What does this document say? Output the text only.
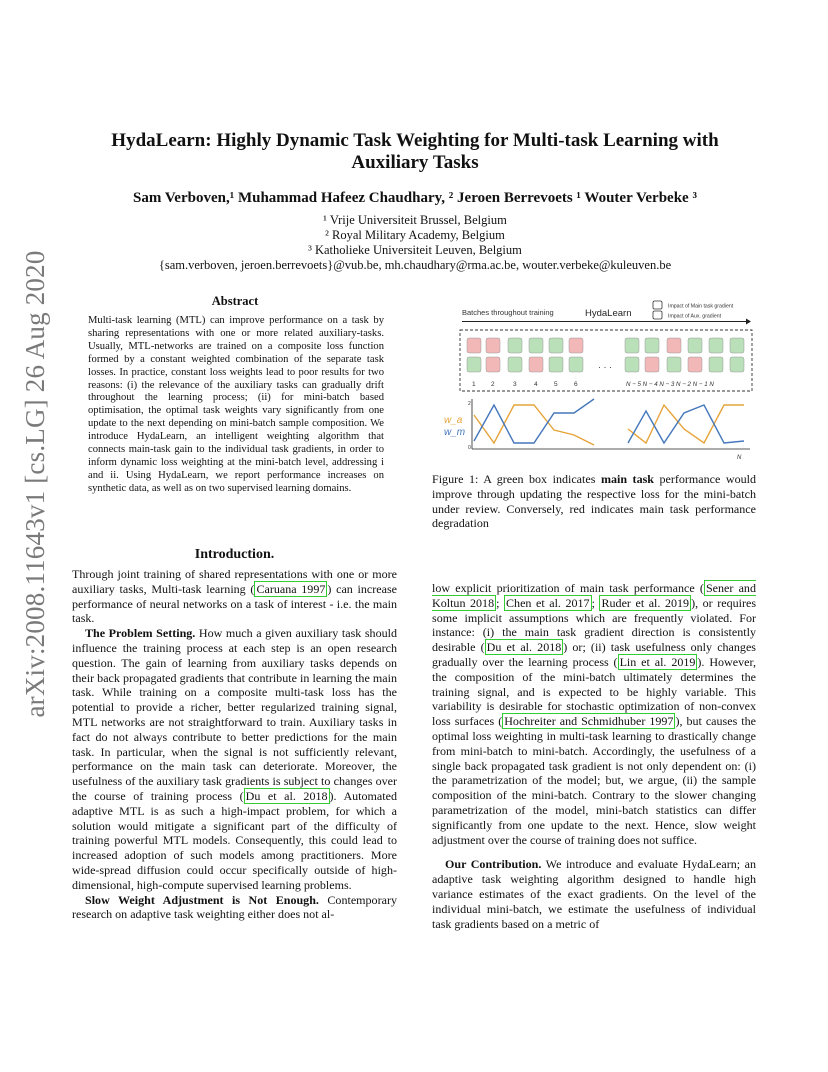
arXiv:2008.11643v1 [cs.LG] 26 Aug 2020
HydaLearn: Highly Dynamic Task Weighting for Multi-task Learning with
Auxiliary Tasks
Sam Verboven,¹ Muhammad Hafeez Chaudhary, ² Jeroen Berrevoets ¹ Wouter Verbeke ³
¹ Vrije Universiteit Brussel, Belgium
² Royal Military Academy, Belgium
³ Katholieke Universiteit Leuven, Belgium
{sam.verboven, jeroen.berrevoets}@vub.be, mh.chaudhary@rma.ac.be, wouter.verbeke@kuleuven.be
Abstract
Multi-task learning (MTL) can improve performance on a task by sharing representations with one or more related auxiliary-tasks. Usually, MTL-networks are trained on a composite loss function formed by a constant weighted combination of the separate task losses. In practice, constant loss weights lead to poor results for two reasons: (i) the relevance of the auxiliary tasks can gradually drift throughout the learning process; (ii) for mini-batch based optimisation, the optimal task weights vary significantly from one update to the next depending on mini-batch sample composition. We introduce HydaLearn, an intelligent weighting algorithm that connects main-task gain to the individual task gradients, in order to inform dynamic loss weighting at the mini-batch level, addressing i and ii. Using HydaLearn, we report performance increases on synthetic data, as well as on two supervised learning domains.
Batches throughout training	HydaLearn
Impact of Main task gradient
Impact of Aux. gradient
· · ·
1 2	3	4	5	6	N − 5 N − 4 N − 3 N − 2 N − 1 N
2
0
N
w_a
w_m
Figure 1: A green box indicates main task performance would improve through updating the respective loss for the mini-batch under review. Conversely, red indicates main task performance degradation
Introduction.

Through joint training of shared representations with one or more auxiliary tasks, Multi-task learning ( Caruana 1997 ) can increase performance of neural networks on a task of interest - i.e. the main task.

The Problem Setting. How much a given auxiliary task should influence the training process at each step is an open research question. The gain of learning from auxiliary tasks depends on their back propagated gradients that contribute in learning the main task. While training on a composite multi-task loss has the potential to provide a richer, better regularized training signal, MTL networks are not straightforward to train. Auxiliary tasks in fact do not always contribute to better predictions for the main task. In particular, when the signal is not sufficiently relevant, performance on the main task can deteriorate. Moreover, the usefulness of the auxiliary task gradients is subject to changes over the course of training process ( Du et al. 2018 ). Automated adaptive MTL is as such a high-impact problem, for which a solution would mitigate a significant part of the difficulty of training powerful MTL models. Consequently, this could lead to increased adoption of such models among practitioners. More wide-spread diffusion could occur specifically outside of high-dimensional, high-compute supervised learning problems.

Slow Weight Adjustment is Not Enough. Contemporary research on adaptive task weighting either does not al-

low explicit prioritization of main task performance ( Sener and Koltun 2018 ; Chen et al. 2017 ; Ruder et al. 2019 ), or requires some implicit assumptions which are frequently violated. For instance: (i) the main task gradient direction is consistently desirable ( Du et al. 2018 ) or; (ii) task usefulness only changes gradually over the learning process ( Lin et al. 2019 ). However, the composition of the mini-batch ultimately determines the training signal, and is expected to be highly variable. This variability is desirable for stochastic optimization of non-convex loss surfaces ( Hochreiter and Schmidhuber 1997 ), but causes the optimal loss weighting in multi-task learning to drastically change from mini-batch to mini-batch. Accordingly, the usefulness of a single back propagated task gradient is not only dependent on: (i) the parametrization of the model; but, we argue, (ii) the sample composition of the mini-batch. Contrary to the slower changing parametrization of the model, mini-batch statistics can differ significantly from one update to the next. Hence, slow weight adjustment over the course of training does not suffice.

Our Contribution. We introduce and evaluate HydaLearn; an adaptive task weighting algorithm designed to handle high variance estimates of the exact gradients. On the level of the individual mini-batch, we estimate the usefulness of individual task gradients based on a metric of
